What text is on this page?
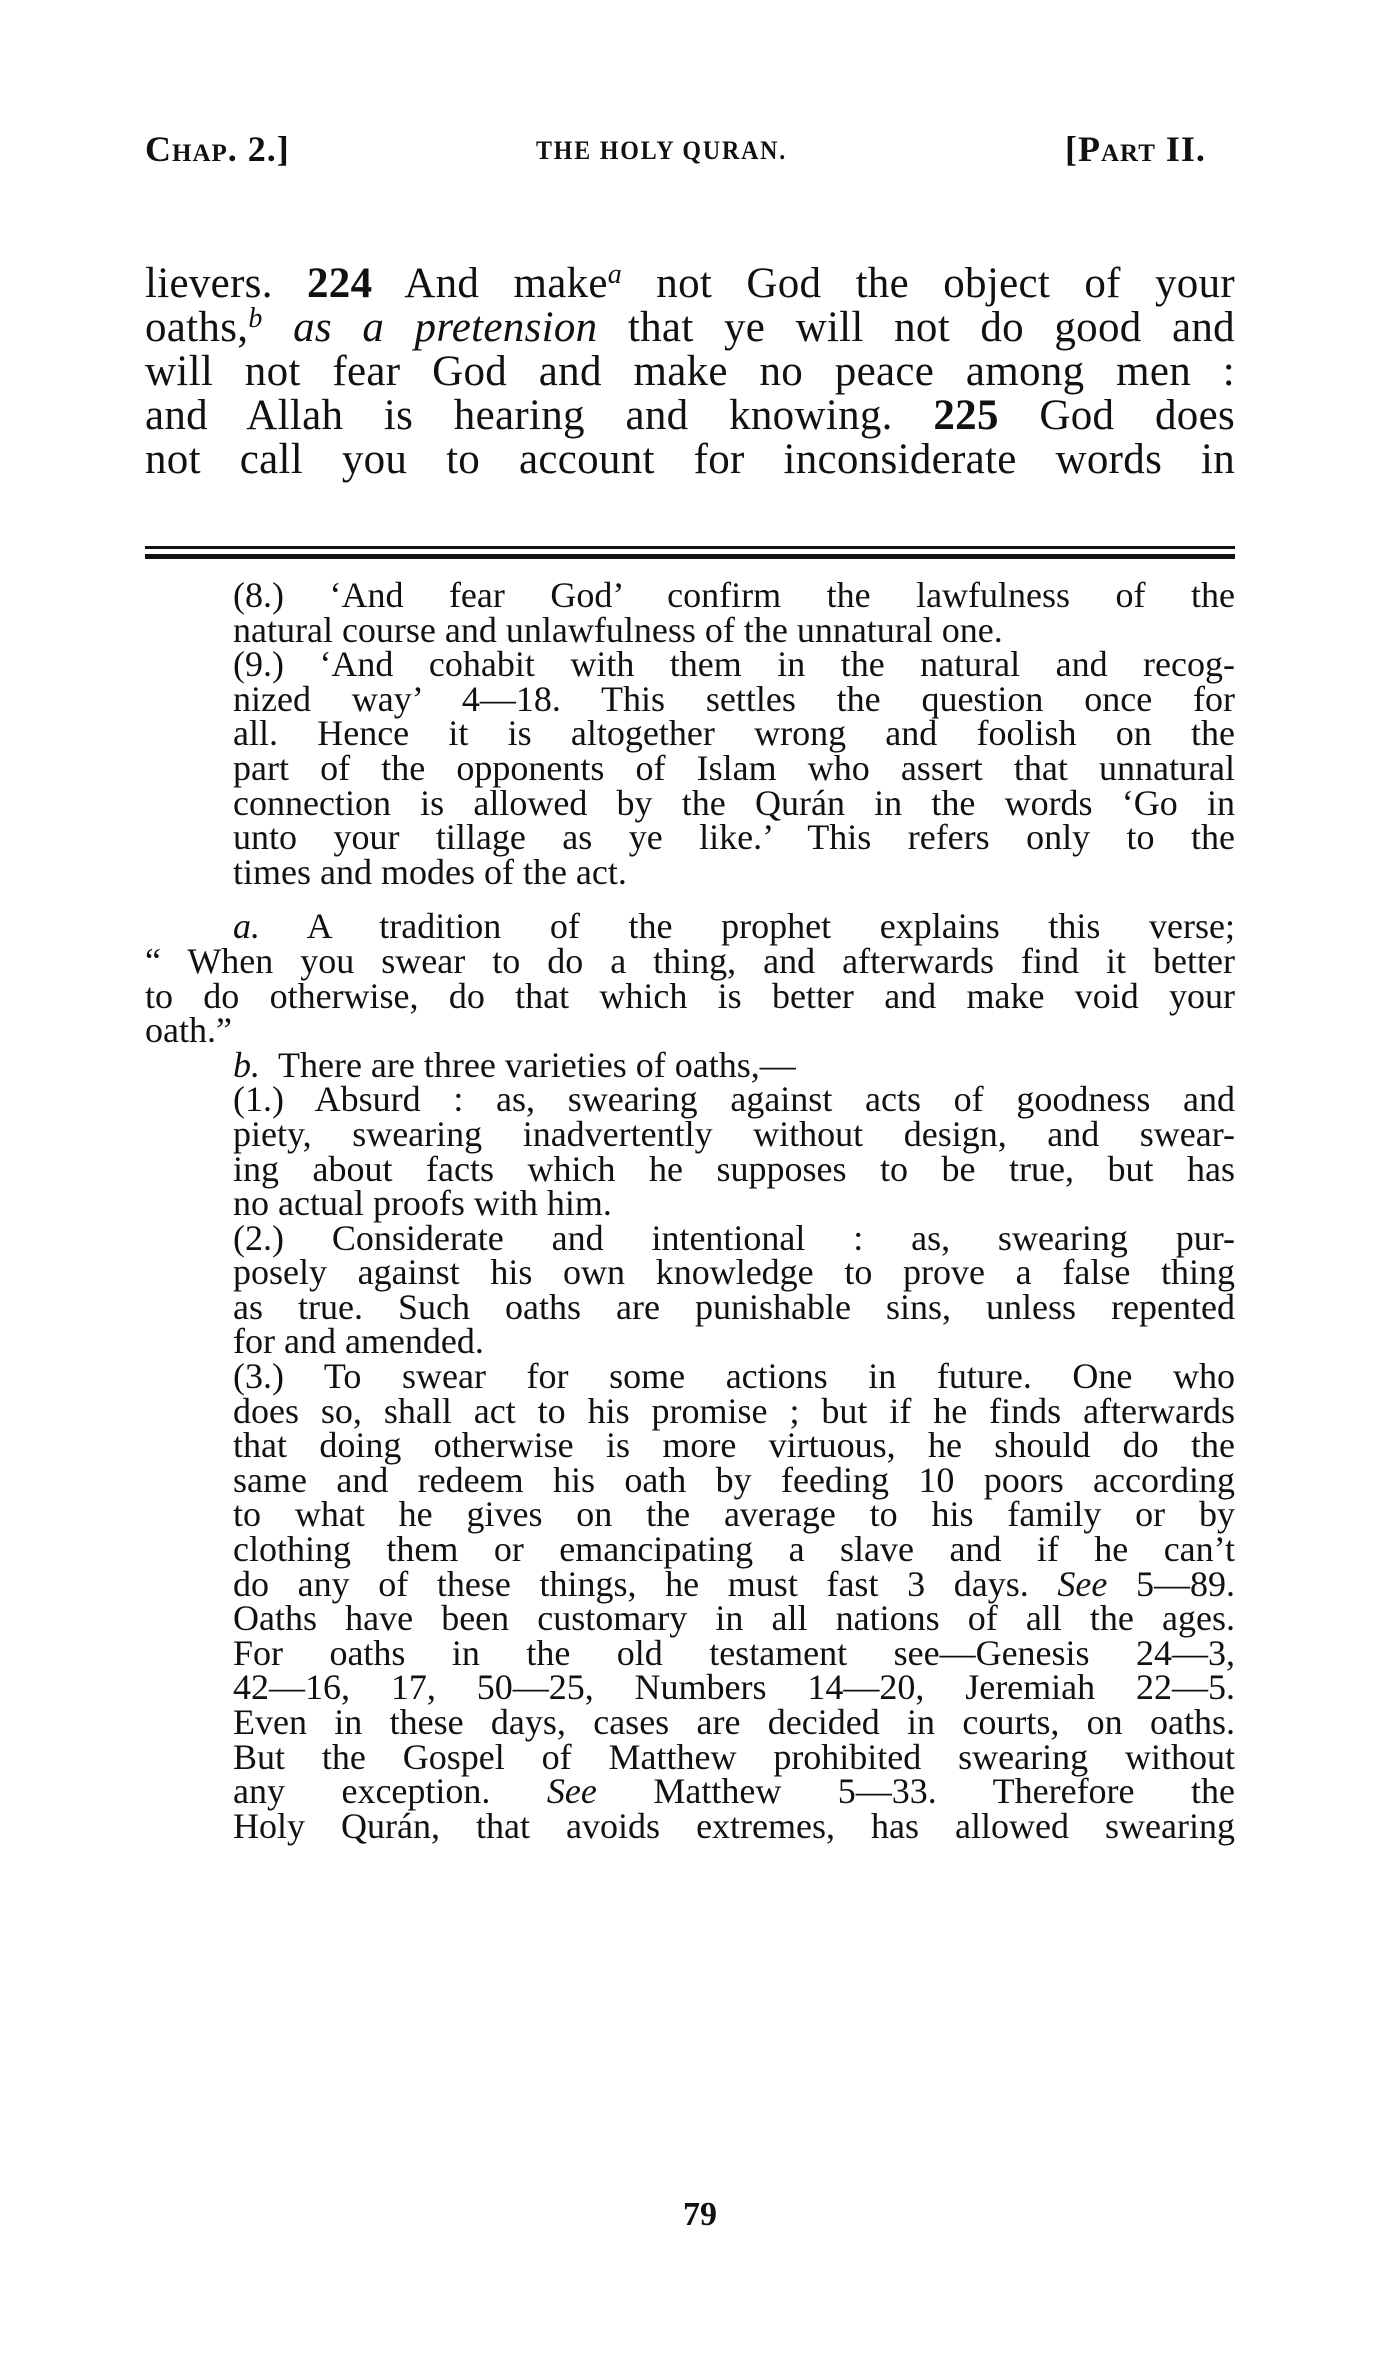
Chap. 2.]	THE HOLY QURAN.	[Part II.
lievers. 224 And make$^a$ not God the object of your
oaths,$^b$ as a pretension that ye will not do good and
will not fear God and make no peace among men :
and Allah is hearing and knowing. 225 God does
not call you to account for inconsiderate words in
(8.) ‘And fear God’ confirm the lawfulness of the
natural course and unlawfulness of the unnatural one.
(9.) ‘And cohabit with them in the natural and recog-
nized way’ 4—18. This settles the question once for
all. Hence it is altogether wrong and foolish on the
part of the opponents of Islam who assert that unnatural
connection is allowed by the Qurán in the words ‘Go in
unto your tillage as ye like.’ This refers only to the
times and modes of the act.
a. A tradition of the prophet explains this verse;
“ When you swear to do a thing, and afterwards find it better
to do otherwise, do that which is better and make void your
oath.”
b. There are three varieties of oaths,—
(1.) Absurd : as, swearing against acts of goodness and
piety, swearing inadvertently without design, and swear-
ing about facts which he supposes to be true, but has
no actual proofs with him.
(2.) Considerate and intentional : as, swearing pur-
posely against his own knowledge to prove a false thing
as true. Such oaths are punishable sins, unless repented
for and amended.
(3.) To swear for some actions in future. One who
does so, shall act to his promise ; but if he finds afterwards
that doing otherwise is more virtuous, he should do the
same and redeem his oath by feeding 10 poors according
to what he gives on the average to his family or by
clothing them or emancipating a slave and if he can’t
do any of these things, he must fast 3 days. See 5—89.
Oaths have been customary in all nations of all the ages.
For oaths in the old testament see—Genesis 24—3,
42—16, 17, 50—25, Numbers 14—20, Jeremiah 22—5.
Even in these days, cases are decided in courts, on oaths.
But the Gospel of Matthew prohibited swearing without
any exception. See Matthew 5—33. Therefore the
Holy Qurán, that avoids extremes, has allowed swearing
79
